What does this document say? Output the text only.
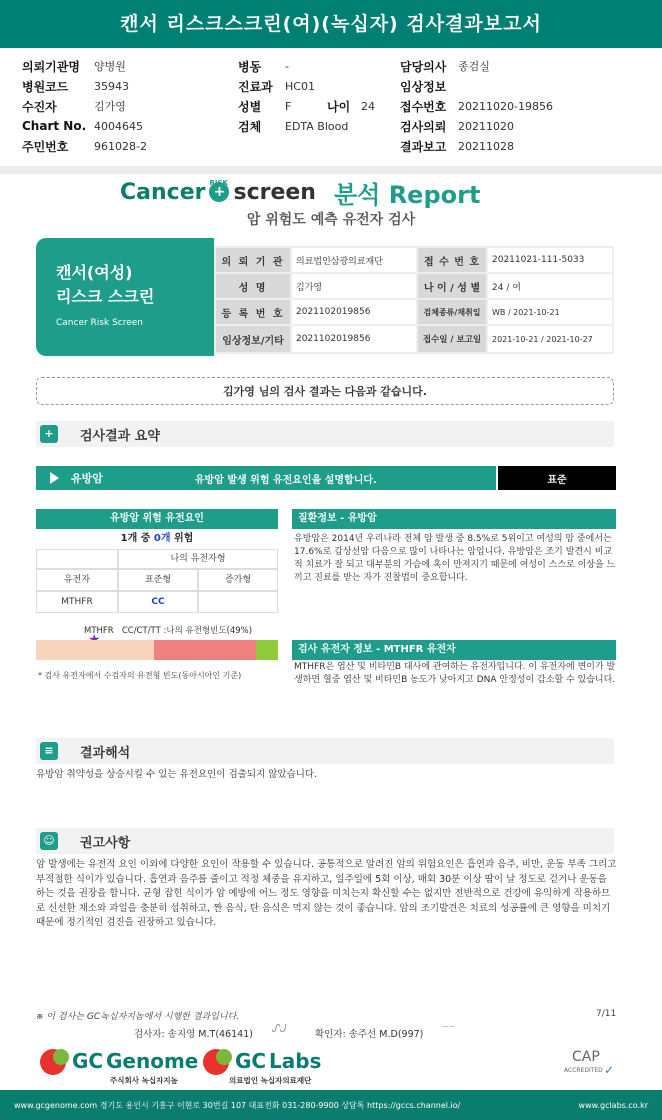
캔서 리스크스크린(여)(녹십자) 검사결과보고서
의뢰기관명	양병원
병원코드	35943
수진자	김가영
Chart No. 4004645
주민번호	961028-2
병동	-
진료과	HC01
성별	F	나이 24
검체	EDTA Blood
담당의사	종검실
임상정보
접수번호	20211020-19856
검사의뢰	20211020
결과보고	20211028
Cancer +
RISK screen 분석 Report
암 위험도 예측 유전자 검사
캔서(여성)
리스크 스크린
Cancer Risk Screen
의 뢰 기 관	의료법인삼광의료재단	접 수 번 호	20211021-111-5033
성 명	김가영	나 이 / 성 별	24 / 여
등 록 번 호	2021102019856	검체종류/채취일	WB / 2021-10-21
임상정보/기타	2021102019856	접수일 / 보고일	2021-10-21 / 2021-10-27
김가영 님의 검사 결과는 다음과 같습니다.
+	검사결과 요약
유방암	유방암 발생 위험 유전요인을 설명합니다.	표준
유방암 위험 유전요인
1개 중 0개 위험
나의 유전자형
유전자	표준형	증가형
MTHFR	CC
MTHFR CC/CT/TT :나의 유전형빈도(49%)
* 검사 유전자에서 수검자의 유전형 빈도(동아시아인 기준)
질환정보 - 유방암
유방암은 2014년 우리나라 전체 암 발생 중 8.5%로 5위이고 여성의 암 중에서는 17.6%로 갑상선암 다음으로 많이 나타나는 암입니다. 유방암은 조기 발견시 비교적 치료가 잘 되고 대부분의 가슴에 혹이 만져지기 때문에 여성이 스스로 이상을 느끼고 진료를 받는 자가 진찰법이 중요합니다.
검사 유전자 정보 - MTHFR 유전자
MTHFR은 엽산 및 비타민B 대사에 관여하는 유전자입니다. 이 유전자에 변이가 발생하면 혈중 엽산 및 비타민B 농도가 낮아지고 DNA 안정성이 감소할 수 있습니다.
≡	결과해석
유방암 취약성을 상승시킬 수 있는 유전요인이 검출되지 않았습니다.
☺ 권고사항
암 발생에는 유전적 요인 이외에 다양한 요인이 작용할 수 있습니다. 공통적으로 알려진 암의 위험요인은 흡연과 음주, 비만, 운동 부족 그리고 부적절한 식이가 있습니다. 흡연과 음주를 줄이고 적정 체중을 유지하고, 일주일에 5회 이상, 매회 30분 이상 땀이 날 정도로 걷거나 운동을 하는 것을 권장을 합니다. 균형 잡힌 식이가 암 예방에 어느 정도 영향을 미치는지 확신할 수는 없지만 전반적으로 건강에 유익하게 작용하므로 신선한 채소와 과일을 충분히 섭취하고, 짠 음식, 탄 음식은 먹지 않는 것이 좋습니다. 암의 조기발견은 치료의 성공률에 큰 영향을 미치기 때문에 정기적인 검진을 권장하고 있습니다.
※ 이 검사는 GC녹십자지놈에서 시행한 결과입니다.	7/11
검사자: 송지영 M.T(46141) ᔑᒍ	확인자: 송주선 M.D(997)
~~
GC Genome
주식회사 녹십자지놈
GC Labs
의료법인 녹십자의료재단
CAP
ACCREDITED ✓
www.gcgenome.com 경기도 용인시 기흥구 이현로 30번길 107 대표전화 031-280-9900 상담톡 https://gccs.channel.io/	www.gclabs.co.kr
